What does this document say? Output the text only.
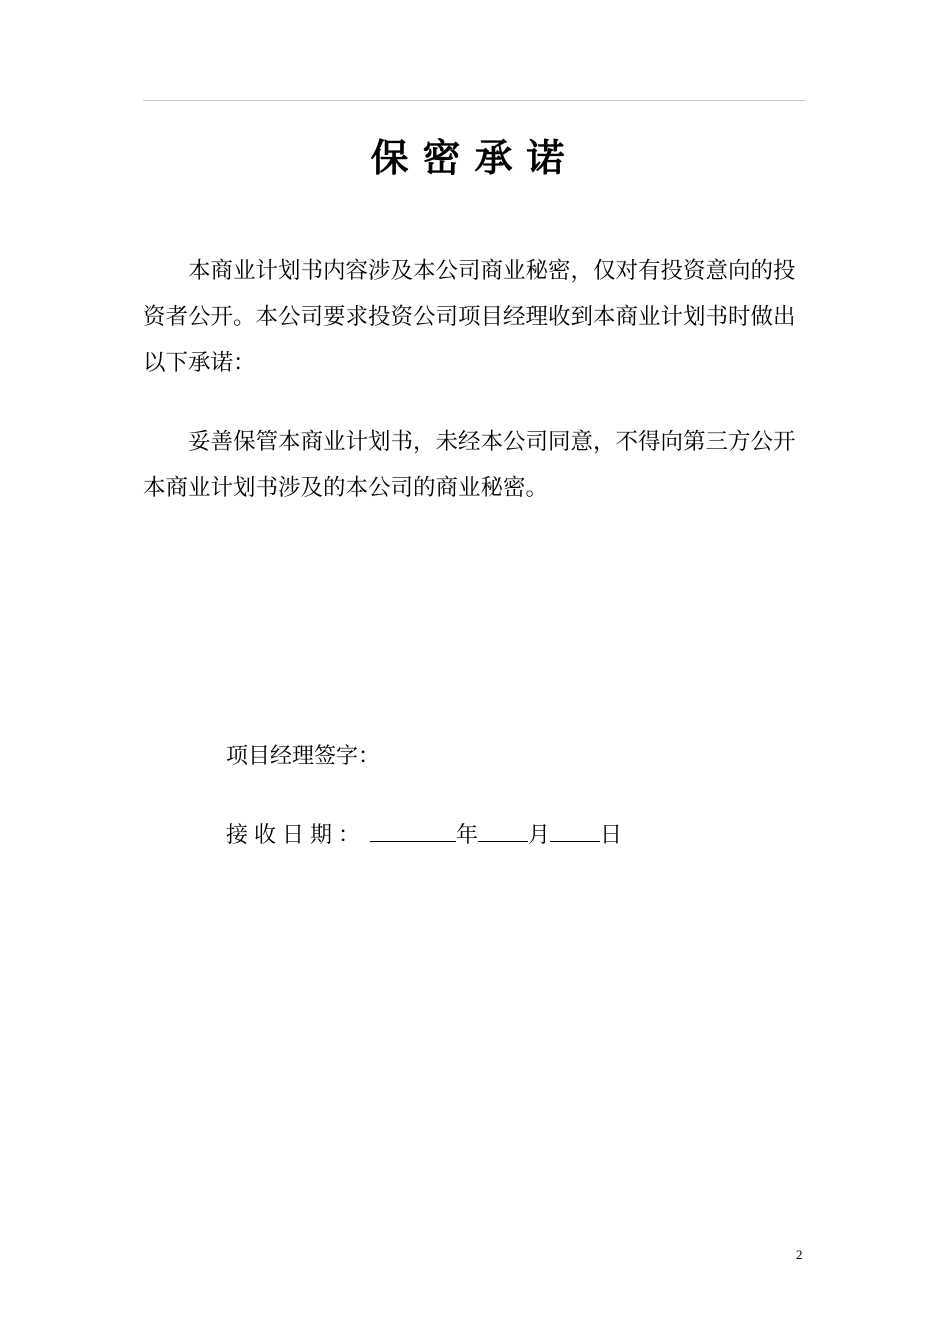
保密承诺

本商业计划书内容涉及本公司商业秘密，仅对有投资意向的投资者公开。本公司要求投资公司项目经理收到本商业计划书时做出以下承诺：

妥善保管本商业计划书，未经本公司同意，不得向第三方公开本商业计划书涉及的本公司的商业秘密。

项目经理签字：

接收日期：	年 月 日

2
